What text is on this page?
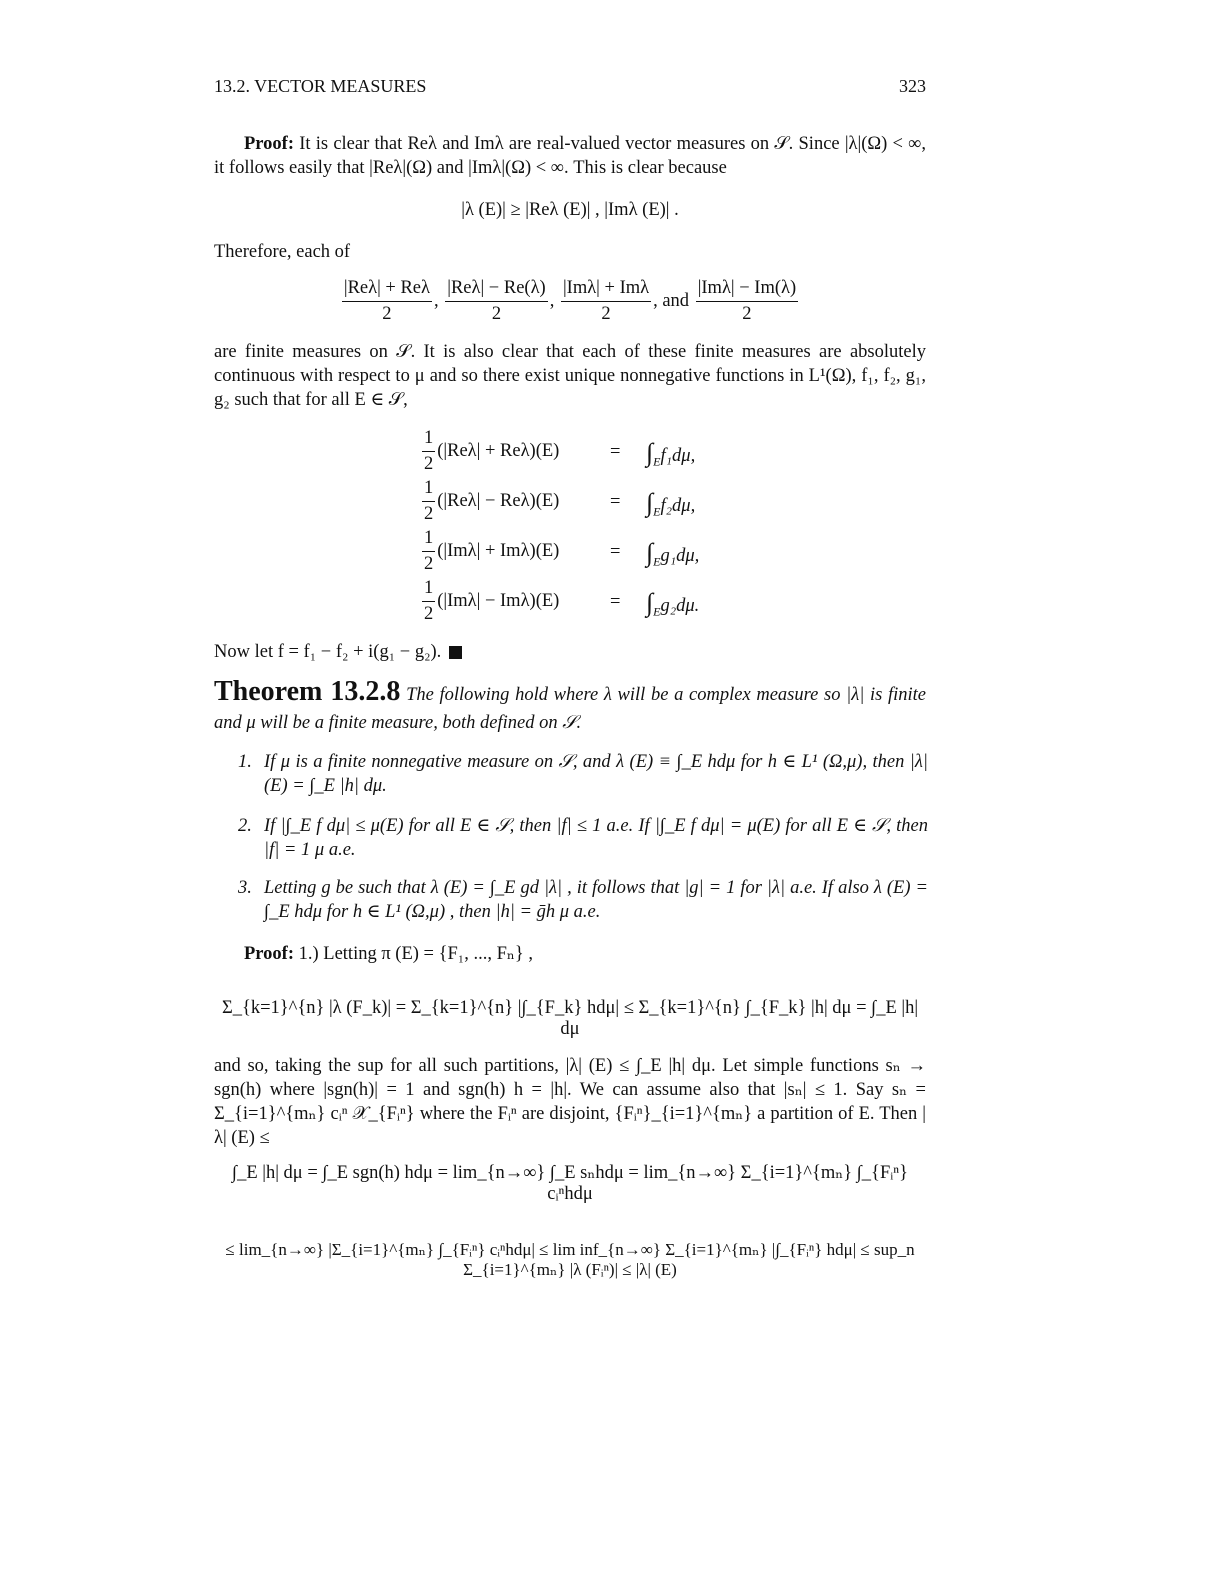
13.2. VECTOR MEASURES	323
Proof: It is clear that Reλ and Imλ are real-valued vector measures on 𝒮. Since |λ|(Ω) < ∞, it follows easily that |Reλ|(Ω) and |Imλ|(Ω) < ∞. This is clear because
|λ (E)| ≥ |Reλ (E)| , |Imλ (E)| .
Therefore, each of
$\frac{\text{|Reλ| + Reλ}}{2}$ , $\frac{\text{|Reλ| − Re(λ)}}{2}$ , $\frac{\text{|Imλ| + Imλ}}{2}$ , and $\frac{\text{|Imλ| − Im(λ)}}{2}$
are finite measures on 𝒮. It is also clear that each of these finite measures are absolutely continuous with respect to μ and so there exist unique nonnegative functions in L¹(Ω), f₁, f₂, g₁, g₂ such that for all E ∈ 𝒮,
$\frac{1}{2} (|Re\lambda| + Re\lambda)(E)$	= $\int_Ef_1d\mu$,
$\frac{1}{2} (|Re\lambda| - Re\lambda)(E)$	= $\int_Ef_2d\mu$,
$\frac{1}{2} (|Im\lambda| + Im\lambda)(E)$	= $\int_Eg_1d\mu$,
$\frac{1}{2} (|Im\lambda| - Im\lambda)(E)$	= $\int_Eg_2d\mu$.
Now let f = f₁ − f₂ + i(g₁ − g₂).
Theorem 13.2.8 The following hold where λ will be a complex measure so |λ| is finite and μ will be a finite measure, both defined on 𝒮.
1. If μ is a finite nonnegative measure on 𝒮, and λ (E) ≡ ∫_E hdμ for h ∈ L¹ (Ω,μ), then |λ| (E) = ∫_E |h| dμ.
2. If |∫_E f dμ| ≤ μ(E) for all E ∈ 𝒮, then |f| ≤ 1 a.e. If |∫_E f dμ| = μ(E) for all E ∈ 𝒮, then |f| = 1 μ a.e.
3. Letting g be such that λ (E) = ∫_E gd |λ| , it follows that |g| = 1 for |λ| a.e. If also λ (E) = ∫_E hdμ for h ∈ L¹ (Ω,μ) , then |h| = ḡh μ a.e.
Proof: 1.) Letting π (E) = {F₁, ..., Fₙ} ,
Σ_{k=1}^{n} |λ (F_k)| = Σ_{k=1}^{n} |∫_{F_k} hdμ| ≤ Σ_{k=1}^{n} ∫_{F_k} |h| dμ = ∫_E |h| dμ
and so, taking the sup for all such partitions, |λ| (E) ≤ ∫_E |h| dμ. Let simple functions sₙ → sgn(h) where |sgn(h)| = 1 and sgn(h) h = |h|. We can assume also that |sₙ| ≤ 1. Say sₙ = Σ_{i=1}^{mₙ} cᵢⁿ 𝒳_{Fᵢⁿ} where the Fᵢⁿ are disjoint, {Fᵢⁿ}_{i=1}^{mₙ} a partition of E. Then |λ| (E) ≤
∫_E |h| dμ = ∫_E sgn(h) hdμ = lim_{n→∞} ∫_E sₙhdμ = lim_{n→∞} Σ_{i=1}^{mₙ} ∫_{Fᵢⁿ} cᵢⁿhdμ
≤ lim_{n→∞} |Σ_{i=1}^{mₙ} ∫_{Fᵢⁿ} cᵢⁿhdμ| ≤ lim inf_{n→∞} Σ_{i=1}^{mₙ} |∫_{Fᵢⁿ} hdμ| ≤ sup_n Σ_{i=1}^{mₙ} |λ (Fᵢⁿ)| ≤ |λ| (E)
